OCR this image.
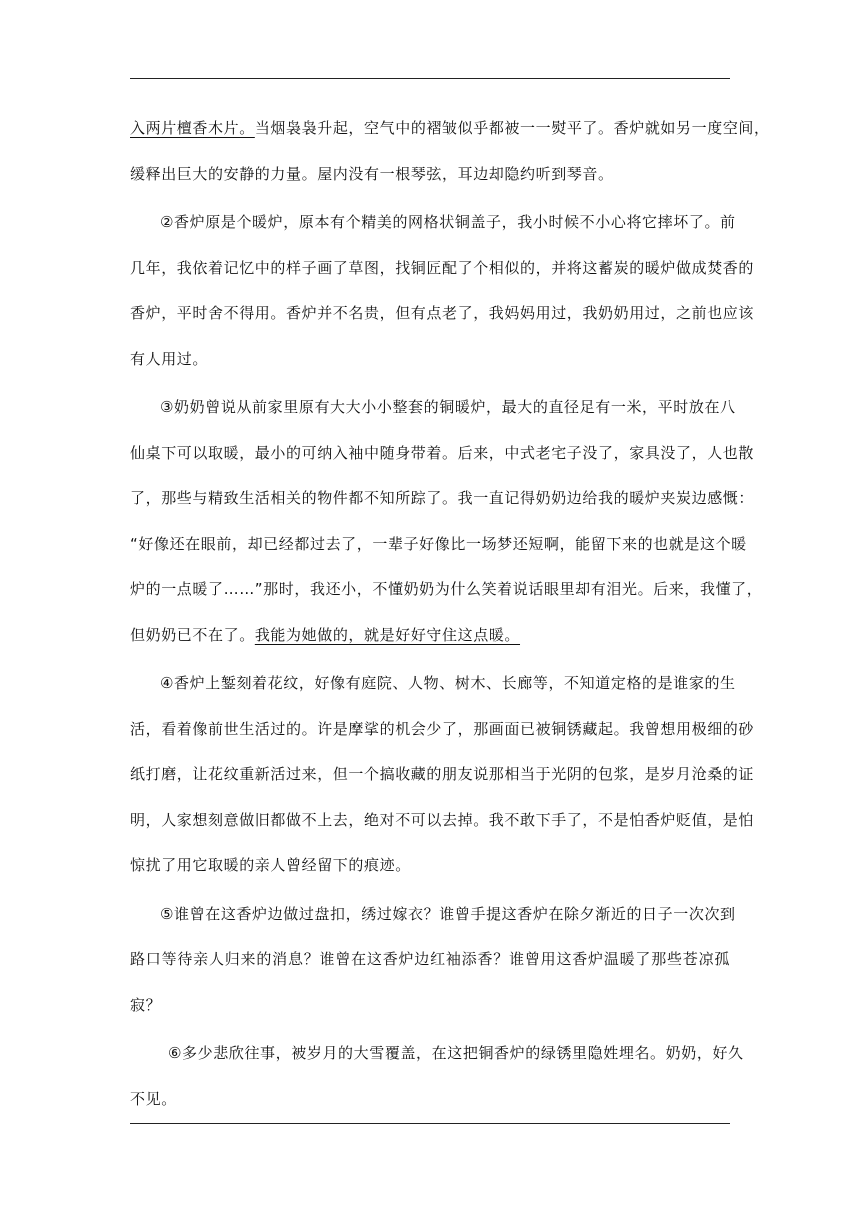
入两片檀香木片。当烟袅袅升起，空气中的褶皱似乎都被一一熨平了。香炉就如另一度空间，
缓释出巨大的安静的力量。屋内没有一根琴弦，耳边却隐约听到琴音。
②香炉原是个暖炉，原本有个精美的网格状铜盖子，我小时候不小心将它摔坏了。前
几年，我依着记忆中的样子画了草图，找铜匠配了个相似的，并将这蓄炭的暖炉做成焚香的
香炉，平时舍不得用。香炉并不名贵，但有点老了，我妈妈用过，我奶奶用过，之前也应该
有人用过。
③奶奶曾说从前家里原有大大小小整套的铜暖炉，最大的直径足有一米，平时放在八
仙桌下可以取暖，最小的可纳入袖中随身带着。后来，中式老宅子没了，家具没了，人也散
了，那些与精致生活相关的物件都不知所踪了。我一直记得奶奶边给我的暖炉夹炭边感慨：
“好像还在眼前，却已经都过去了，一辈子好像比一场梦还短啊，能留下来的也就是这个暖
炉的一点暖了……”那时，我还小，不懂奶奶为什么笑着说话眼里却有泪光。后来，我懂了，
但奶奶已不在了。我能为她做的，就是好好守住这点暖。
④香炉上錾刻着花纹，好像有庭院、人物、树木、长廊等，不知道定格的是谁家的生
活，看着像前世生活过的。许是摩挲的机会少了，那画面已被铜锈藏起。我曾想用极细的砂
纸打磨，让花纹重新活过来，但一个搞收藏的朋友说那相当于光阴的包浆，是岁月沧桑的证
明，人家想刻意做旧都做不上去，绝对不可以去掉。我不敢下手了，不是怕香炉贬值，是怕
惊扰了用它取暖的亲人曾经留下的痕迹。
⑤谁曾在这香炉边做过盘扣，绣过嫁衣？谁曾手提这香炉在除夕渐近的日子一次次到
路口等待亲人归来的消息？谁曾在这香炉边红袖添香？谁曾用这香炉温暖了那些苍凉孤
寂？
⑥多少悲欣往事，被岁月的大雪覆盖，在这把铜香炉的绿锈里隐姓埋名。奶奶，好久
不见。
